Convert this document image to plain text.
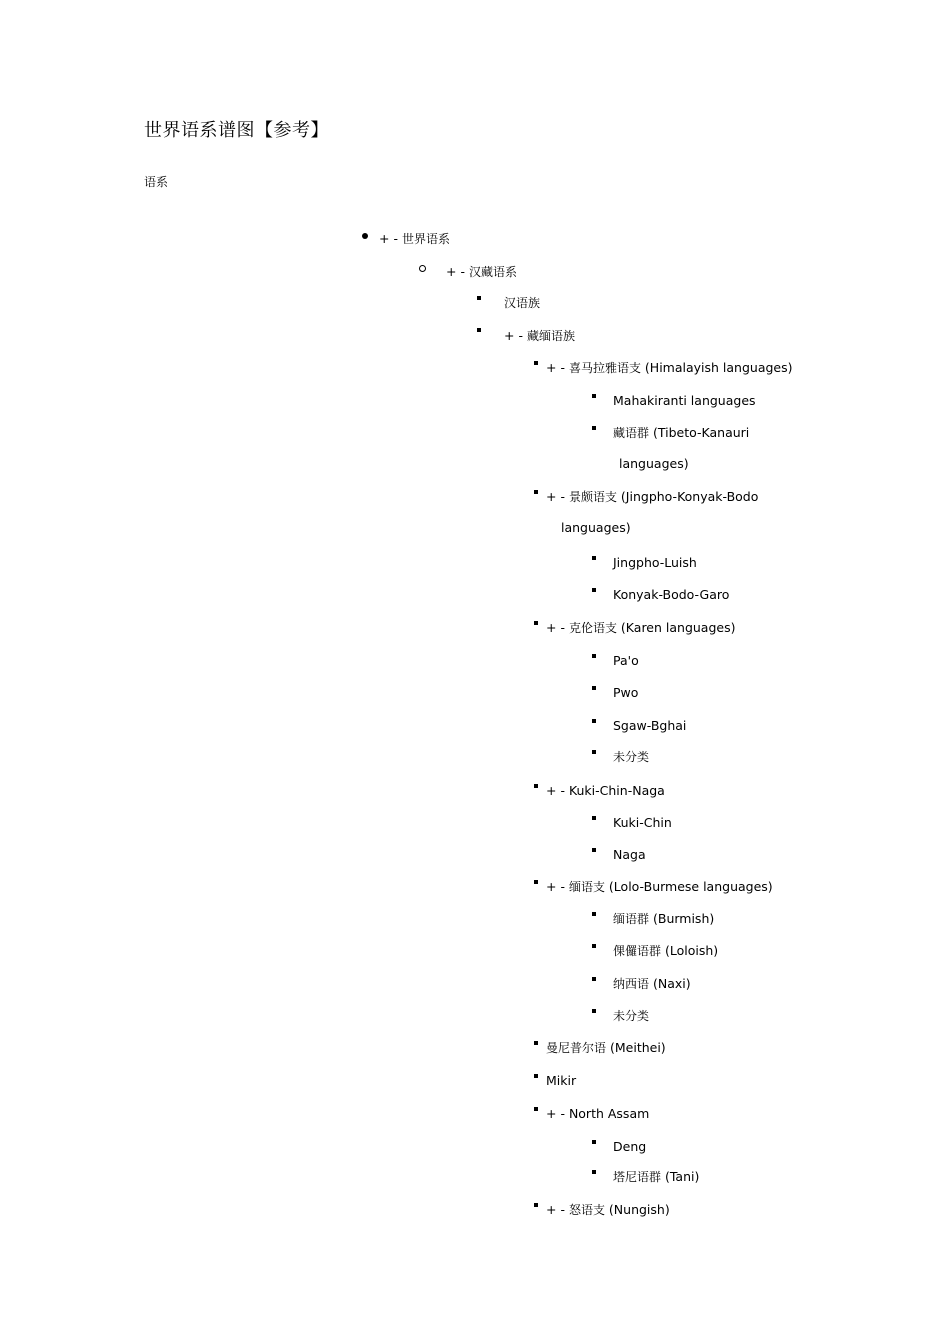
世界语系谱图【参考】
语系
+ - 世界语系
+ - 汉藏语系
汉语族
+ - 藏缅语族
+ - 喜马拉雅语支 (Himalayish languages)
Mahakiranti languages
藏语群 (Tibeto-Kanauri
languages)
+ - 景颇语支 (Jingpho-Konyak-Bodo
languages)
Jingpho-Luish
Konyak-Bodo-Garo
+ - 克伦语支 (Karen languages)
Pa'o
Pwo
Sgaw-Bghai
未分类
+ - Kuki-Chin-Naga
Kuki-Chin
Naga
+ - 缅语支 (Lolo-Burmese languages)
缅语群 (Burmish)
倮儸语群 (Loloish)
纳西语 (Naxi)
未分类
曼尼普尔语 (Meithei)
Mikir
+ - North Assam
Deng
塔尼语群 (Tani)
+ - 怒语支 (Nungish)
